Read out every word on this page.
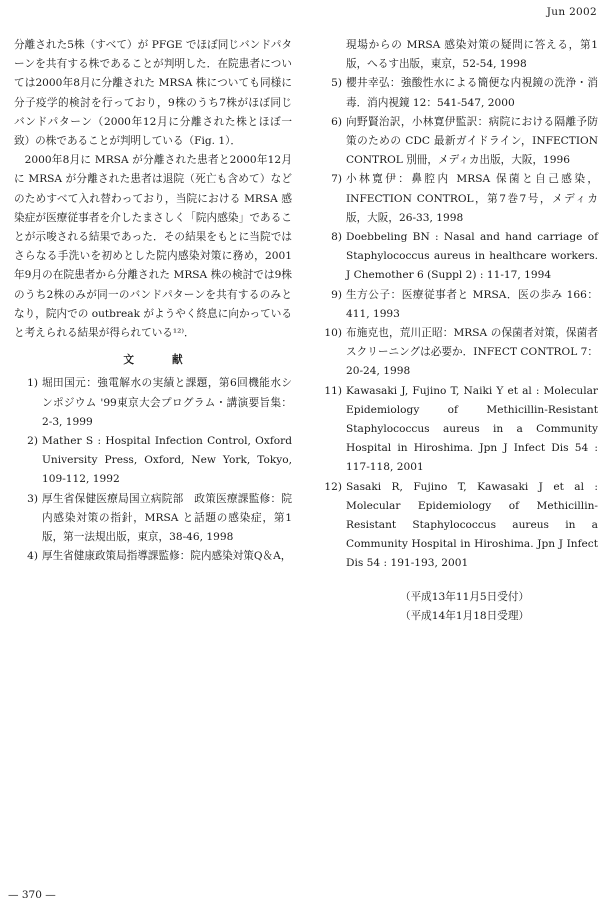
Jun 2002

分離された5株（すべて）が PFGE でほぼ同じバンドパターンを共有する株であることが判明した．在院患者については2000年8月に分離された MRSA 株についても同様に分子疫学的検討を行っており，9株のうち7株がほぼ同じバンドパターン（2000年12月に分離された株とほぼ一致）の株であることが判明している（Fig. 1）．

2000年8月に MRSA が分離された患者と2000年12月に MRSA が分離された患者は退院（死亡も含めて）などのためすべて入れ替わっており，当院における MRSA 感染症が医療従事者を介したまさしく「院内感染」であることが示唆される結果であった．その結果をもとに当院ではさらなる手洗いを初めとした院内感染対策に務め，2001年9月の在院患者から分離された MRSA 株の検討では9株のうち2株のみが同一のバンドパターンを共有するのみとなり，院内での outbreak がようやく終息に向かっていると考えられる結果が得られている¹²⁾．

文献
1) 堀田国元：強電解水の実績と課題，第6回機能水シンポジウム '99東京大会プログラム・講演要旨集：2-3, 1999
2) Mather S : Hospital Infection Control, Oxford University Press, Oxford, New York, Tokyo, 109-112, 1992
3) 厚生省保健医療局国立病院部　政策医療課監修：院内感染対策の指針，MRSA と話題の感染症，第1版，第一法規出版，東京，38-46, 1998
4) 厚生省健康政策局指導課監修：院内感染対策Q＆A，
現場からの MRSA 感染対策の疑問に答える，第1版，へるす出版，東京，52-54, 1998
5) 櫻井幸弘：強酸性水による簡便な内視鏡の洗浄・消毒．消内視鏡 12：541-547, 2000
6) 向野賢治訳，小林寛伊監訳：病院における隔離予防策のための CDC 最新ガイドライン，INFECTION CONTROL 別冊，メディカ出版，大阪，1996
7) 小林寛伊：鼻腔内 MRSA 保菌と自己感染，INFECTION CONTROL，第7巻7号，メディカ版，大阪，26-33, 1998
8) Doebbeling BN : Nasal and hand carriage of Staphylococcus aureus in healthcare workers. J Chemother 6 (Suppl 2) : 11-17, 1994
9) 生方公子：医療従事者と MRSA．医の歩み 166：411, 1993
10) 布施克也，荒川正昭：MRSA の保菌者対策，保菌者スクリーニングは必要か．INFECT CONTROL 7：20-24, 1998
11) Kawasaki J, Fujino T, Naiki Y et al : Molecular Epidemiology of Methicillin-Resistant Staphylococcus aureus in a Community Hospital in Hiroshima. Jpn J Infect Dis 54 : 117-118, 2001
12) Sasaki R, Fujino T, Kawasaki J et al : Molecular Epidemiology of Methicillin-Resistant Staphylococcus aureus in a Community Hospital in Hiroshima. Jpn J Infect Dis 54 : 191-193, 2001
（平成13年11月5日受付）
（平成14年1月18日受理）
— 370 —
